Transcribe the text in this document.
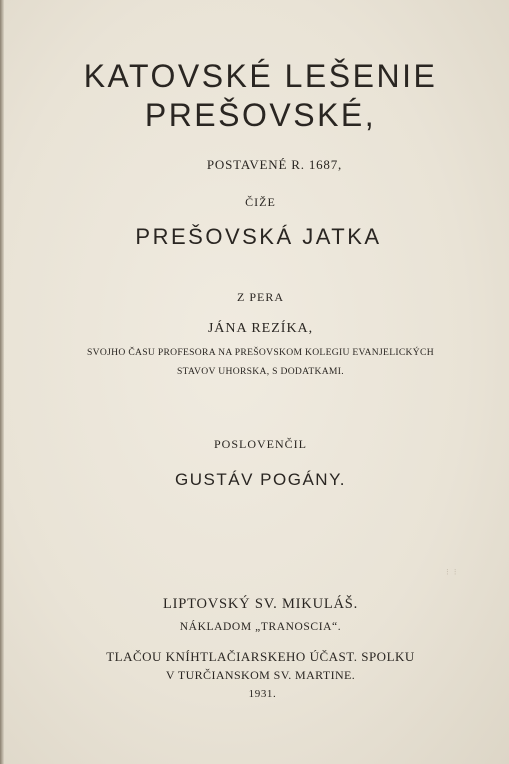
KATOVSKÉ LEŠENIE
PREŠOVSKÉ,
POSTAVENÉ R. 1687,
ČIŽE
PREŠOVSKÁ JATKA
Z PERA
JÁNA REZÍKA,
SVOJHO ČASU PROFESORA NA PREŠOVSKOM KOLEGIU EVANJELICKÝCH
STAVOV UHORSKA, S DODATKAMI.
POSLOVENČIL
GUSTÁV POGÁNY.
LIPTOVSKÝ SV. MIKULÁŠ.
NÁKLADOM „TRANOSCIA“.
TLAČOU KNÍHTLAČIARSKEHO ÚČAST. SPOLKU
V TURČIANSKOM SV. MARTINE.
1931.
⁝ ⁝
